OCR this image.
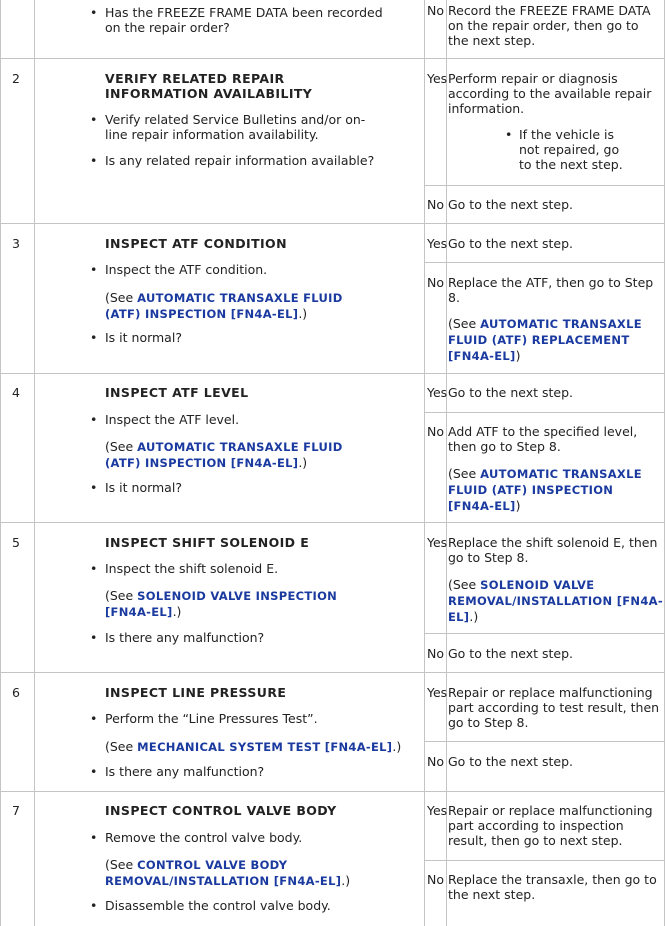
• Has the FREEZE FRAME DATA been recorded on the repair order?
No Record the FREEZE FRAME DATA on the repair order, then go to the next step.
2	VERIFY RELATED REPAIR INFORMATION AVAILABILITY
• Verify related Service Bulletins and/or on-line repair information availability.
• Is any related repair information available?
Yes Perform repair or diagnosis according to the available repair information.
• If the vehicle is not repaired, go to the next step.
No Go to the next step.
3	INSPECT ATF CONDITION
• Inspect the ATF condition.
(See AUTOMATIC TRANSAXLE FLUID (ATF) INSPECTION [FN4A-EL].)
• Is it normal?
Yes Go to the next step.
No Replace the ATF, then go to Step 8.
(See AUTOMATIC TRANSAXLE FLUID (ATF) REPLACEMENT [FN4A-EL])
4	INSPECT ATF LEVEL
• Inspect the ATF level.
(See AUTOMATIC TRANSAXLE FLUID (ATF) INSPECTION [FN4A-EL].)
• Is it normal?
Yes Go to the next step.
No Add ATF to the specified level, then go to Step 8.
(See AUTOMATIC TRANSAXLE FLUID (ATF) INSPECTION [FN4A-EL])
5	INSPECT SHIFT SOLENOID E
• Inspect the shift solenoid E.
(See SOLENOID VALVE INSPECTION [FN4A-EL].)
• Is there any malfunction?
Yes Replace the shift solenoid E, then go to Step 8.
(See SOLENOID VALVE REMOVAL/INSTALLATION [FN4A-EL].)
No Go to the next step.
6	INSPECT LINE PRESSURE
• Perform the “Line Pressures Test”.
(See MECHANICAL SYSTEM TEST [FN4A-EL].)
• Is there any malfunction?
Yes Repair or replace malfunctioning part according to test result, then go to Step 8.
No Go to the next step.
7	INSPECT CONTROL VALVE BODY
• Remove the control valve body.
(See CONTROL VALVE BODY REMOVAL/INSTALLATION [FN4A-EL].)
• Disassemble the control valve body.
Yes Repair or replace malfunctioning part according to inspection result, then go to next step.
No Replace the transaxle, then go to the next step.
